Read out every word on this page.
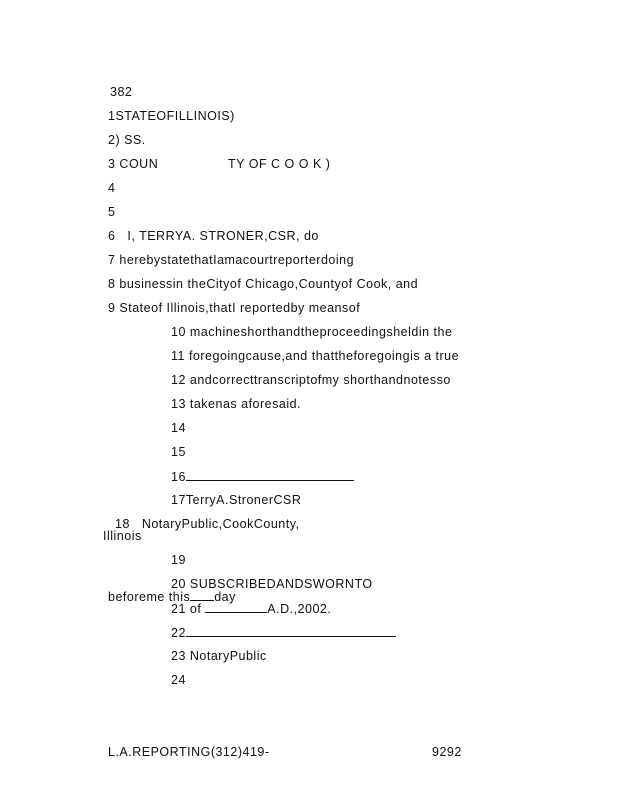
382
1STATEOFILLINOIS)
2) SS.
3 COUN	TY OF C O O K )
4
5
6   I, TERRYA. STRONER,CSR, do
7 herebystatethatIamacourtreporterdoing
8 businessin theCityof Chicago,Countyof Cook, and
9 Stateof Illinois,thatI reportedby meansof
10 machineshorthandtheproceedingsheldin the
11 foregoingcause,and thattheforegoingis a true
12 andcorrecttranscriptofmy shorthandnotesso
13 takenas aforesaid.
14
15
16
17TerryA.StronerCSR
18   NotaryPublic,CookCounty,
Illinois
19
20 SUBSCRIBEDANDSWORNTO
beforeme this day
21 of	A.D.,2002.
22
23 NotaryPublic
24
L.A.REPORTING(312)419-	9292
